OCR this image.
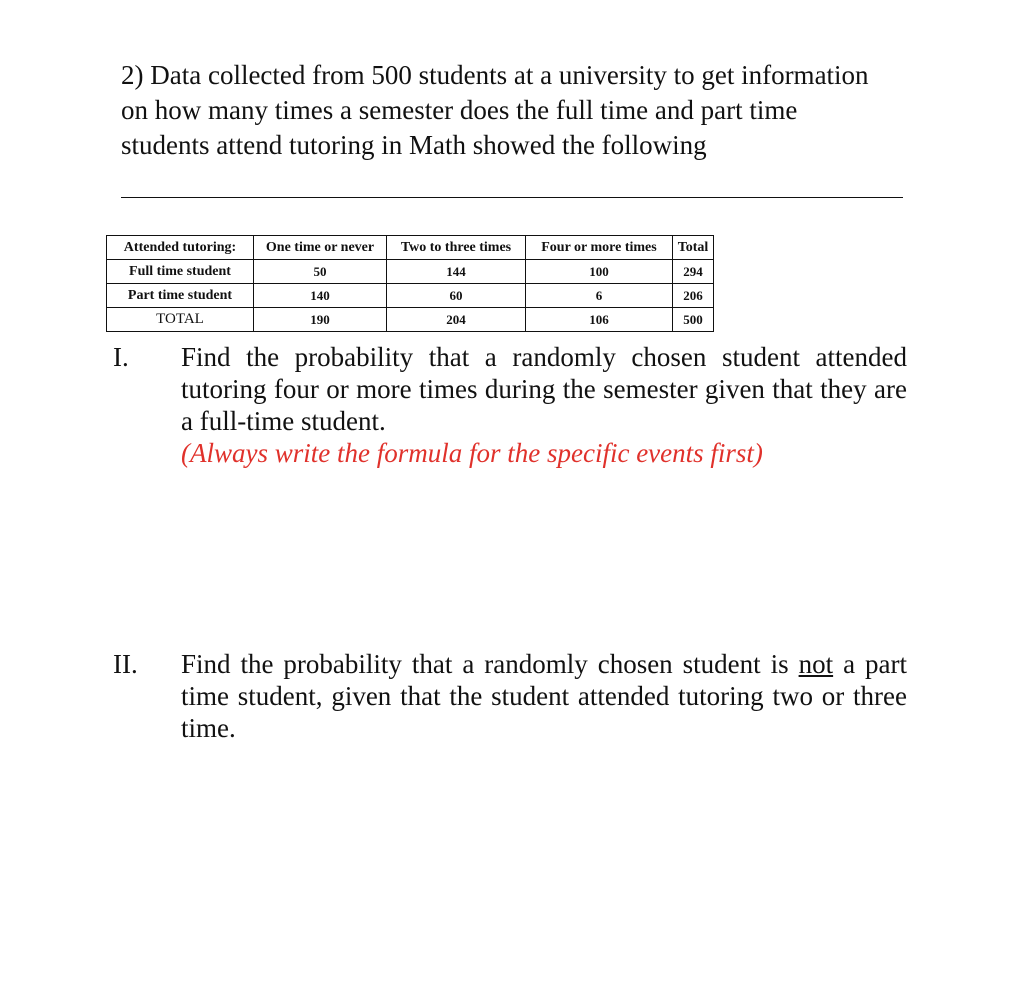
2) Data collected from 500 students at a university to get information on how many times a semester does the full time and part time students attend tutoring in Math showed the following

Attended tutoring:	One time or never	Two to three times	Four or more times	Total
Full time student	50	144	100	294
Part time student	140	60	6	206
TOTAL	190	204	106	500
I. Find the probability that a randomly chosen student attended tutoring four or more times during the semester given that they are a full-time student.
(Always write the formula for the specific events first)
II. Find the probability that a randomly chosen student is not a part time student, given that the student attended tutoring two or three time.
